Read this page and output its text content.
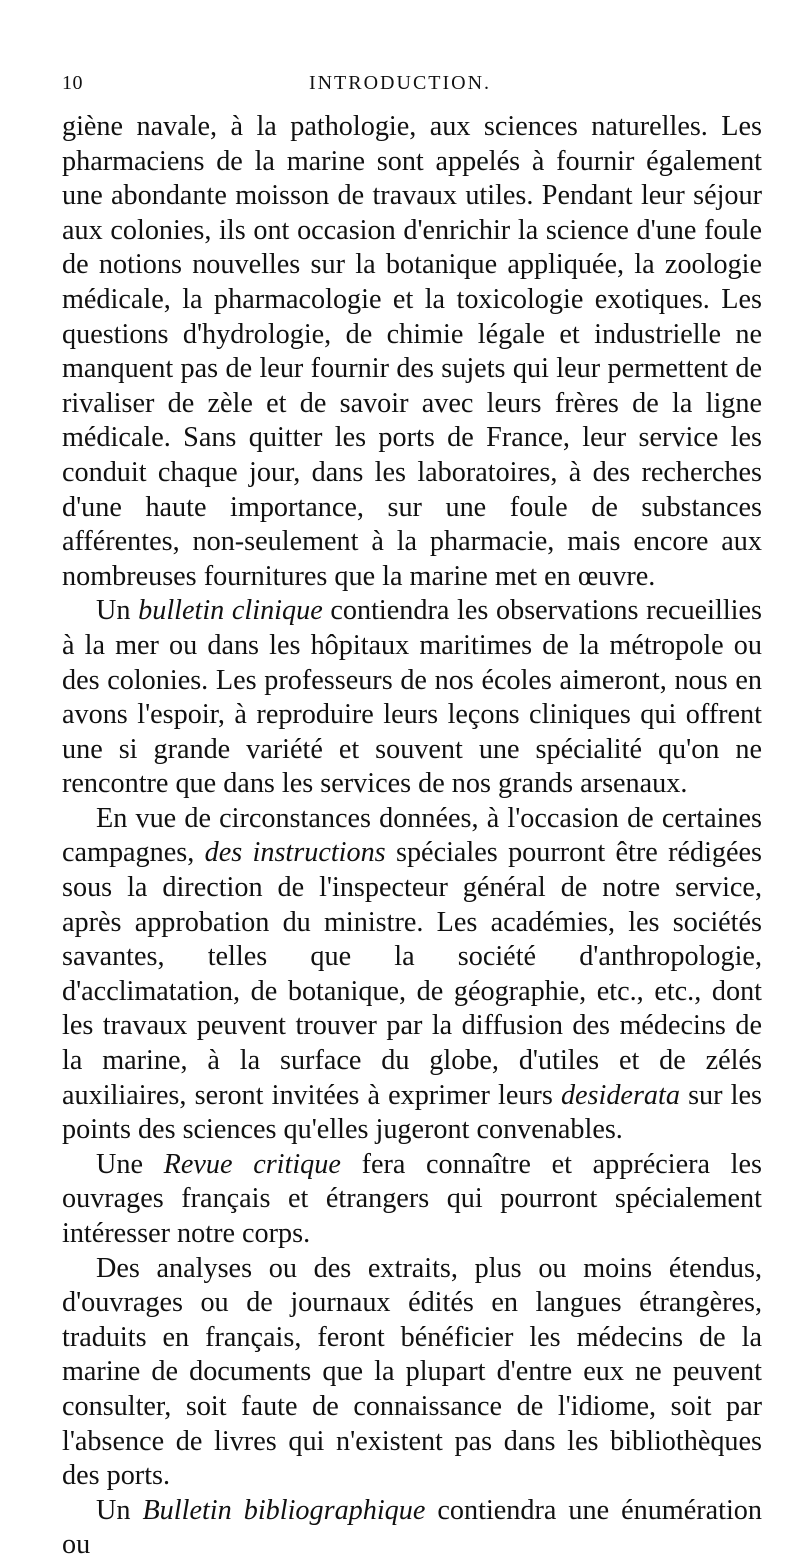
10	INTRODUCTION.

giène navale, à la pathologie, aux sciences naturelles. Les pharmaciens de la marine sont appelés à fournir également une abondante moisson de travaux utiles. Pendant leur séjour aux colonies, ils ont occasion d'enrichir la science d'une foule de notions nouvelles sur la botanique appliquée, la zoologie médicale, la pharmacologie et la toxicologie exotiques. Les questions d'hydrologie, de chimie légale et industrielle ne manquent pas de leur fournir des sujets qui leur permettent de rivaliser de zèle et de savoir avec leurs frères de la ligne médicale. Sans quitter les ports de France, leur service les conduit chaque jour, dans les laboratoires, à des recherches d'une haute importance, sur une foule de substances afférentes, non-seulement à la pharmacie, mais encore aux nombreuses fournitures que la marine met en œuvre.

Un bulletin clinique contiendra les observations recueillies à la mer ou dans les hôpitaux maritimes de la métropole ou des colonies. Les professeurs de nos écoles aimeront, nous en avons l'espoir, à reproduire leurs leçons cliniques qui offrent une si grande variété et souvent une spécialité qu'on ne rencontre que dans les services de nos grands arsenaux.

En vue de circonstances données, à l'occasion de certaines campagnes, des instructions spéciales pourront être rédigées sous la direction de l'inspecteur général de notre service, après approbation du ministre. Les académies, les sociétés savantes, telles que la société d'anthropologie, d'acclimatation, de botanique, de géographie, etc., etc., dont les travaux peuvent trouver par la diffusion des médecins de la marine, à la surface du globe, d'utiles et de zélés auxiliaires, seront invitées à exprimer leurs desiderata sur les points des sciences qu'elles jugeront convenables.

Une Revue critique fera connaître et appréciera les ouvrages français et étrangers qui pourront spécialement intéresser notre corps.

Des analyses ou des extraits, plus ou moins étendus, d'ouvrages ou de journaux édités en langues étrangères, traduits en français, feront bénéficier les médecins de la marine de documents que la plupart d'entre eux ne peuvent consulter, soit faute de connaissance de l'idiome, soit par l'absence de livres qui n'existent pas dans les bibliothèques des ports.

Un Bulletin bibliographique contiendra une énumération ou
